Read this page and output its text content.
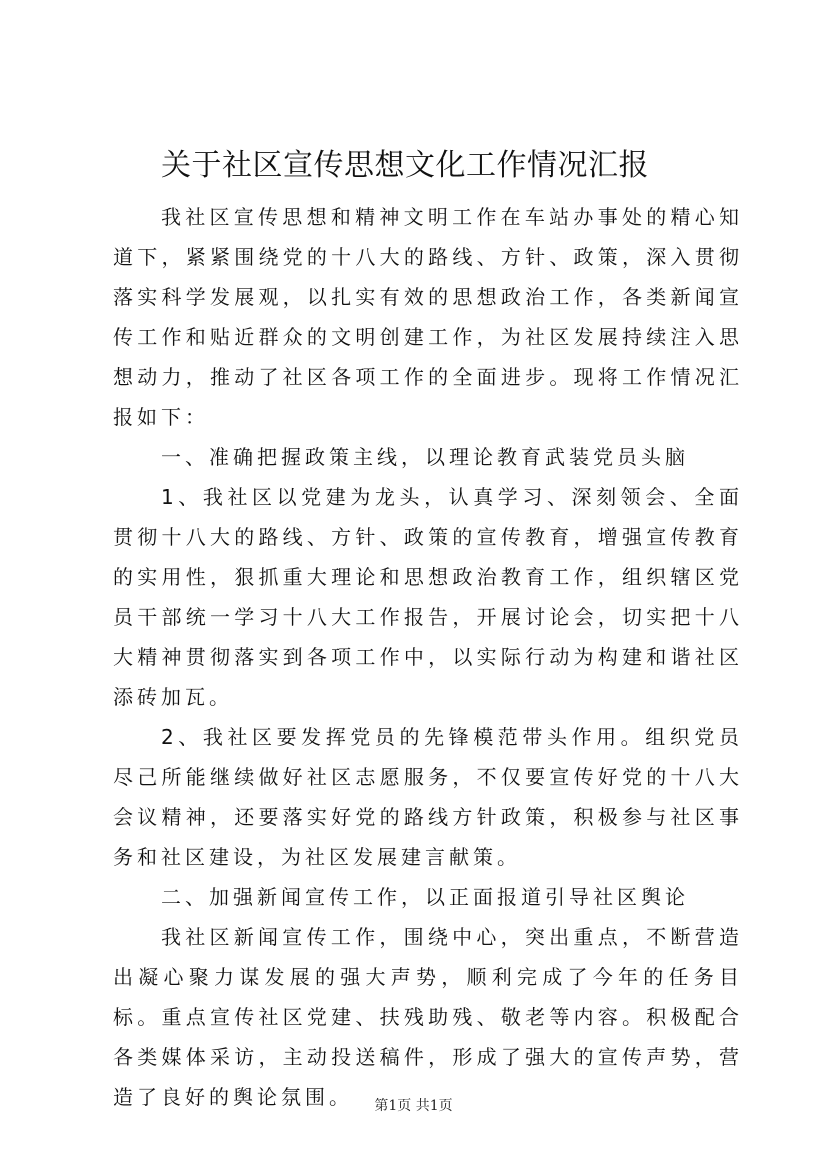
关于社区宣传思想文化工作情况汇报

我社区宣传思想和精神文明工作在车站办事处的精心知道下，紧紧围绕党的十八大的路线、方针、政策，深入贯彻落实科学发展观，以扎实有效的思想政治工作，各类新闻宣传工作和贴近群众的文明创建工作，为社区发展持续注入思想动力，推动了社区各项工作的全面进步。现将工作情况汇报如下：

一、准确把握政策主线，以理论教育武装党员头脑

1、我社区以党建为龙头，认真学习、深刻领会、全面贯彻十八大的路线、方针、政策的宣传教育，增强宣传教育的实用性，狠抓重大理论和思想政治教育工作，组织辖区党员干部统一学习十八大工作报告，开展讨论会，切实把十八大精神贯彻落实到各项工作中，以实际行动为构建和谐社区添砖加瓦。

2、我社区要发挥党员的先锋模范带头作用。组织党员尽己所能继续做好社区志愿服务，不仅要宣传好党的十八大会议精神，还要落实好党的路线方针政策，积极参与社区事务和社区建设，为社区发展建言献策。

二、加强新闻宣传工作，以正面报道引导社区舆论

我社区新闻宣传工作，围绕中心，突出重点，不断营造出凝心聚力谋发展的强大声势，顺利完成了今年的任务目标。重点宣传社区党建、扶残助残、敬老等内容。积极配合各类媒体采访，主动投送稿件，形成了强大的宣传声势，营造了良好的舆论氛围。	第1页 共1页
